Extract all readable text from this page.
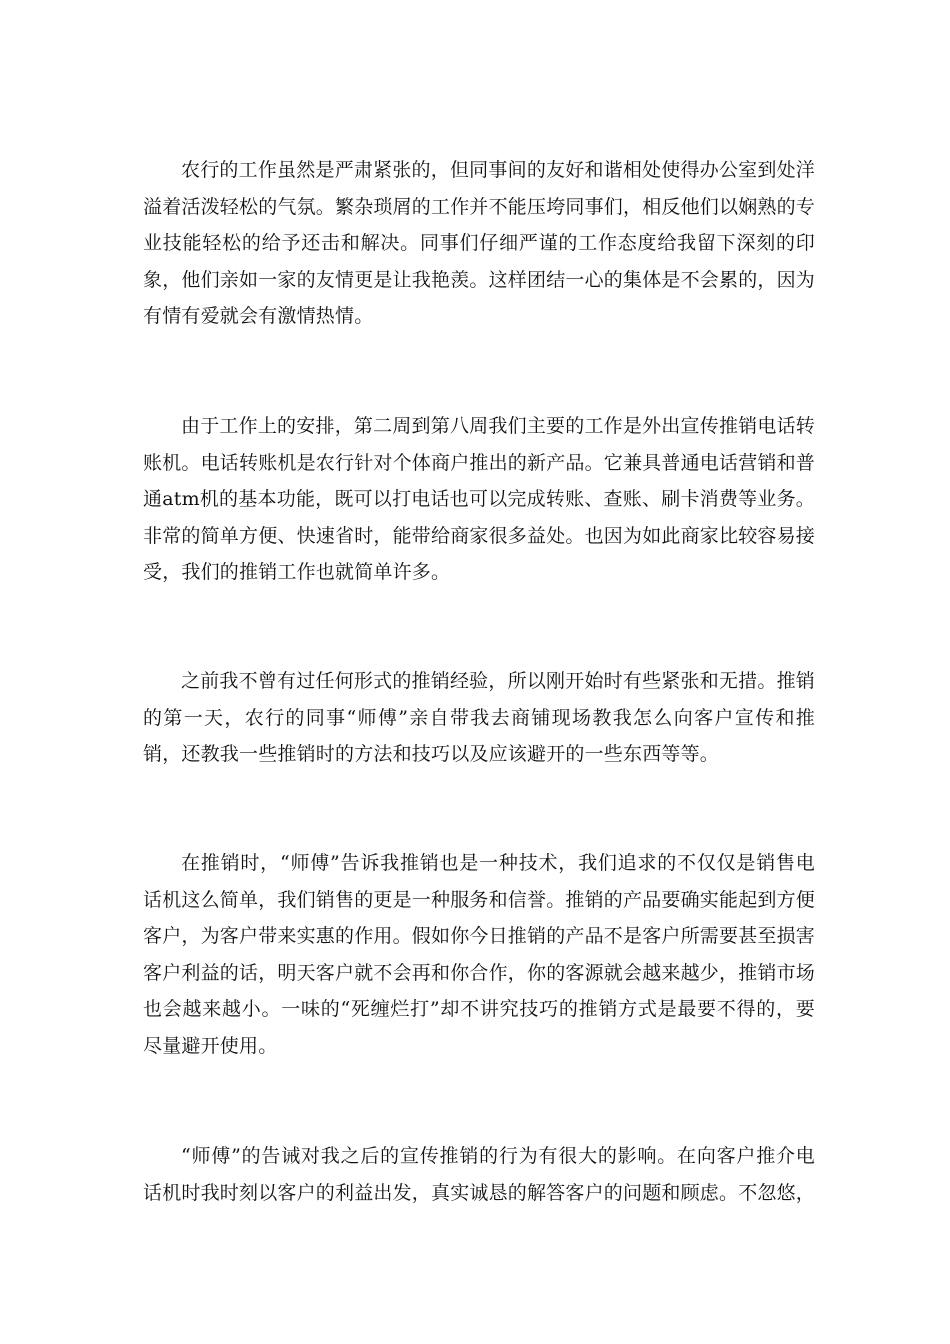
农行的工作虽然是严肃紧张的，但同事间的友好和谐相处使得办公室到处洋溢着活泼轻松的气氛。繁杂琐屑的工作并不能压垮同事们，相反他们以娴熟的专业技能轻松的给予还击和解决。同事们仔细严谨的工作态度给我留下深刻的印象，他们亲如一家的友情更是让我艳羡。这样团结一心的集体是不会累的，因为有情有爱就会有激情热情。

由于工作上的安排，第二周到第八周我们主要的工作是外出宣传推销电话转账机。电话转账机是农行针对个体商户推出的新产品。它兼具普通电话营销和普通atm机的基本功能，既可以打电话也可以完成转账、查账、刷卡消费等业务。非常的简单方便、快速省时，能带给商家很多益处。也因为如此商家比较容易接受，我们的推销工作也就简单许多。

之前我不曾有过任何形式的推销经验，所以刚开始时有些紧张和无措。推销的第一天，农行的同事“师傅”亲自带我去商铺现场教我怎么向客户宣传和推销，还教我一些推销时的方法和技巧以及应该避开的一些东西等等。

在推销时，“师傅”告诉我推销也是一种技术，我们追求的不仅仅是销售电话机这么简单，我们销售的更是一种服务和信誉。推销的产品要确实能起到方便客户，为客户带来实惠的作用。假如你今日推销的产品不是客户所需要甚至损害客户利益的话，明天客户就不会再和你合作，你的客源就会越来越少，推销市场也会越来越小。一味的“死缠烂打”却不讲究技巧的推销方式是最要不得的，要尽量避开使用。

“师傅”的告诫对我之后的宣传推销的行为有很大的影响。在向客户推介电话机时我时刻以客户的利益出发，真实诚恳的解答客户的问题和顾虑。不忽悠，
